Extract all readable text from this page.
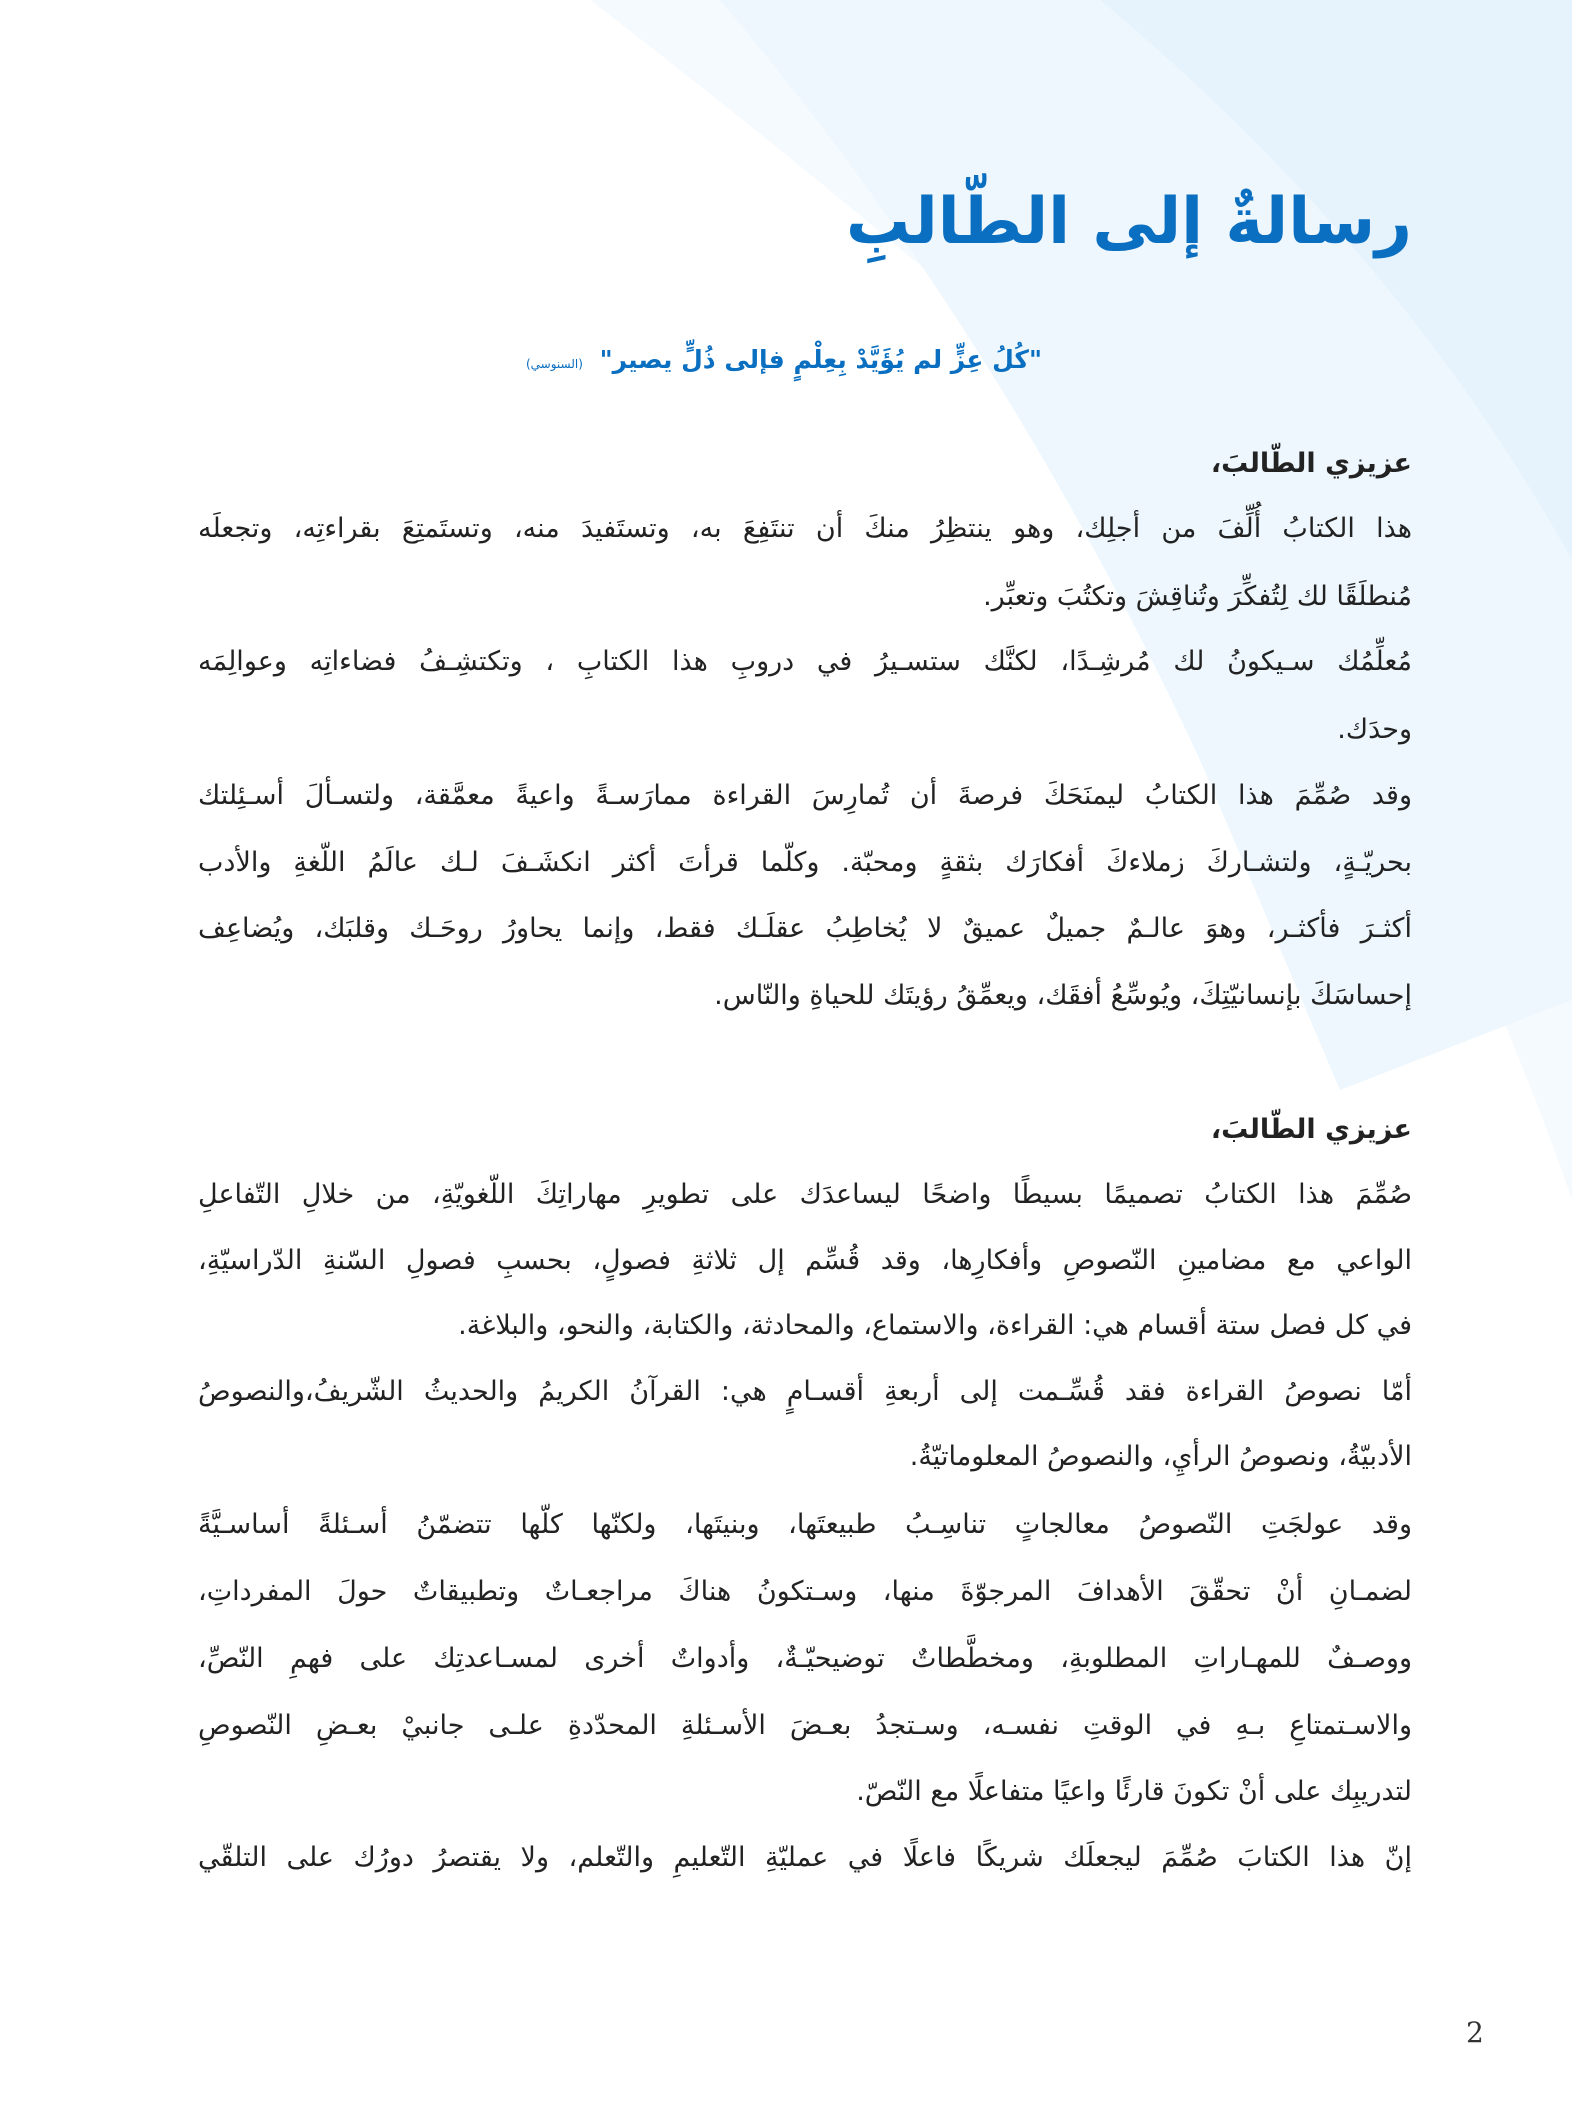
رسالةٌ إلى الطّالبِ
"كُلُ عِزٍّ لم يُؤَيَّدْ بِعِلْمٍ فإلى ذُلٍّ يصير" (السنوسي)
عزيزي الطّالبَ،
هذا الكتابُ أُلِّفَ من أجلِك، وهو ينتظِرُ منكَ أن تنتَفِعَ به، وتستَفيدَ منه، وتستَمتِعَ بقراءتِه، وتجعلَه
مُنطلَقًا لك لِتُفكِّرَ وتُناقِشَ وتكتُبَ وتعبِّر.
مُعلِّمُك سـيكونُ لك مُرشِـدًا، لكنَّك ستسـيرُ في دروبِ هذا الكتابِ ، وتكتشِـفُ فضاءاتِه وعوالِمَه
وحدَك.
وقد صُمِّمَ هذا الكتابُ ليمنَحَكَ فرصةَ أن تُمارِسَ القراءة ممارَسـةً واعيةً معمَّقة، ولتسـألَ أسـئِلتك
بحريّـةٍ، ولتشـاركَ زملاءكَ أفكارَك بثقةٍ ومحبّة. وكلّما قرأتَ أكثر انكشَـفَ لـك عالَمُ اللّغةِ والأدب
أكثـرَ فأكثـر، وهوَ عالـمٌ جميلٌ عميقٌ لا يُخاطِبُ عقلَـك فقط، وإنما يحاورُ روحَـك وقلبَك، ويُضاعِف
إحساسَكَ بإنسانيّتِكَ، ويُوسِّعُ أفقَك، ويعمِّقُ رؤيتَك للحياةِ والنّاس.
عزيزي الطّالبَ،
صُمِّمَ هذا الكتابُ تصميمًا بسيطًا واضحًا ليساعدَك على تطويرِ مهاراتِكَ اللّغويّةِ، من خلالِ التّفاعلِ
الواعي مع مضامينِ النّصوصِ وأفكارِها، وقد قُسِّم إل ثلاثةِ فصولٍ، بحسبِ فصولِ السّنةِ الدّراسيّةِ،
في كل فصل ستة أقسام هي: القراءة، والاستماع، والمحادثة، والكتابة، والنحو، والبلاغة.
أمّا نصوصُ القراءة فقد قُسِّـمت إلى أربعةِ أقسـامٍ هي: القرآنُ الكريمُ والحديثُ الشّريفُ،والنصوصُ
الأدبيّةُ، ونصوصُ الرأيِ، والنصوصُ المعلوماتيّةُ.
وقد عولجَتِ النّصوصُ معالجاتٍ تناسِـبُ طبيعتَها، وبنيتَها، ولكنّها كلّها تتضمّنُ أسـئلةً أساسـيَّةً
لضمـانِ أنْ تحقّقَ الأهدافَ المرجوّةَ منها، وسـتكونُ هناكَ مراجعـاتٌ وتطبيقاتٌ حولَ المفرداتِ،
ووصـفٌ للمهـاراتِ المطلوبةِ، ومخطَّطاتٌ توضيحيّـةٌ، وأدواتٌ أخرى لمسـاعدتِك على فهمِ النّصِّ،
والاسـتمتاعِ بـهِ في الوقتِ نفسـه، وسـتجدُ بعـضَ الأسـئلةِ المحدّدةِ علـى جانبيْ بعـضِ النّصوصِ
لتدريبِك على أنْ تكونَ قارئًا واعيًا متفاعلًا مع النّصّ.
إنّ هذا الكتابَ صُمِّمَ ليجعلَك شريكًا فاعلًا في عمليّةِ التّعليمِ والتّعلم، ولا يقتصرُ دورُك على التلقّي
2
